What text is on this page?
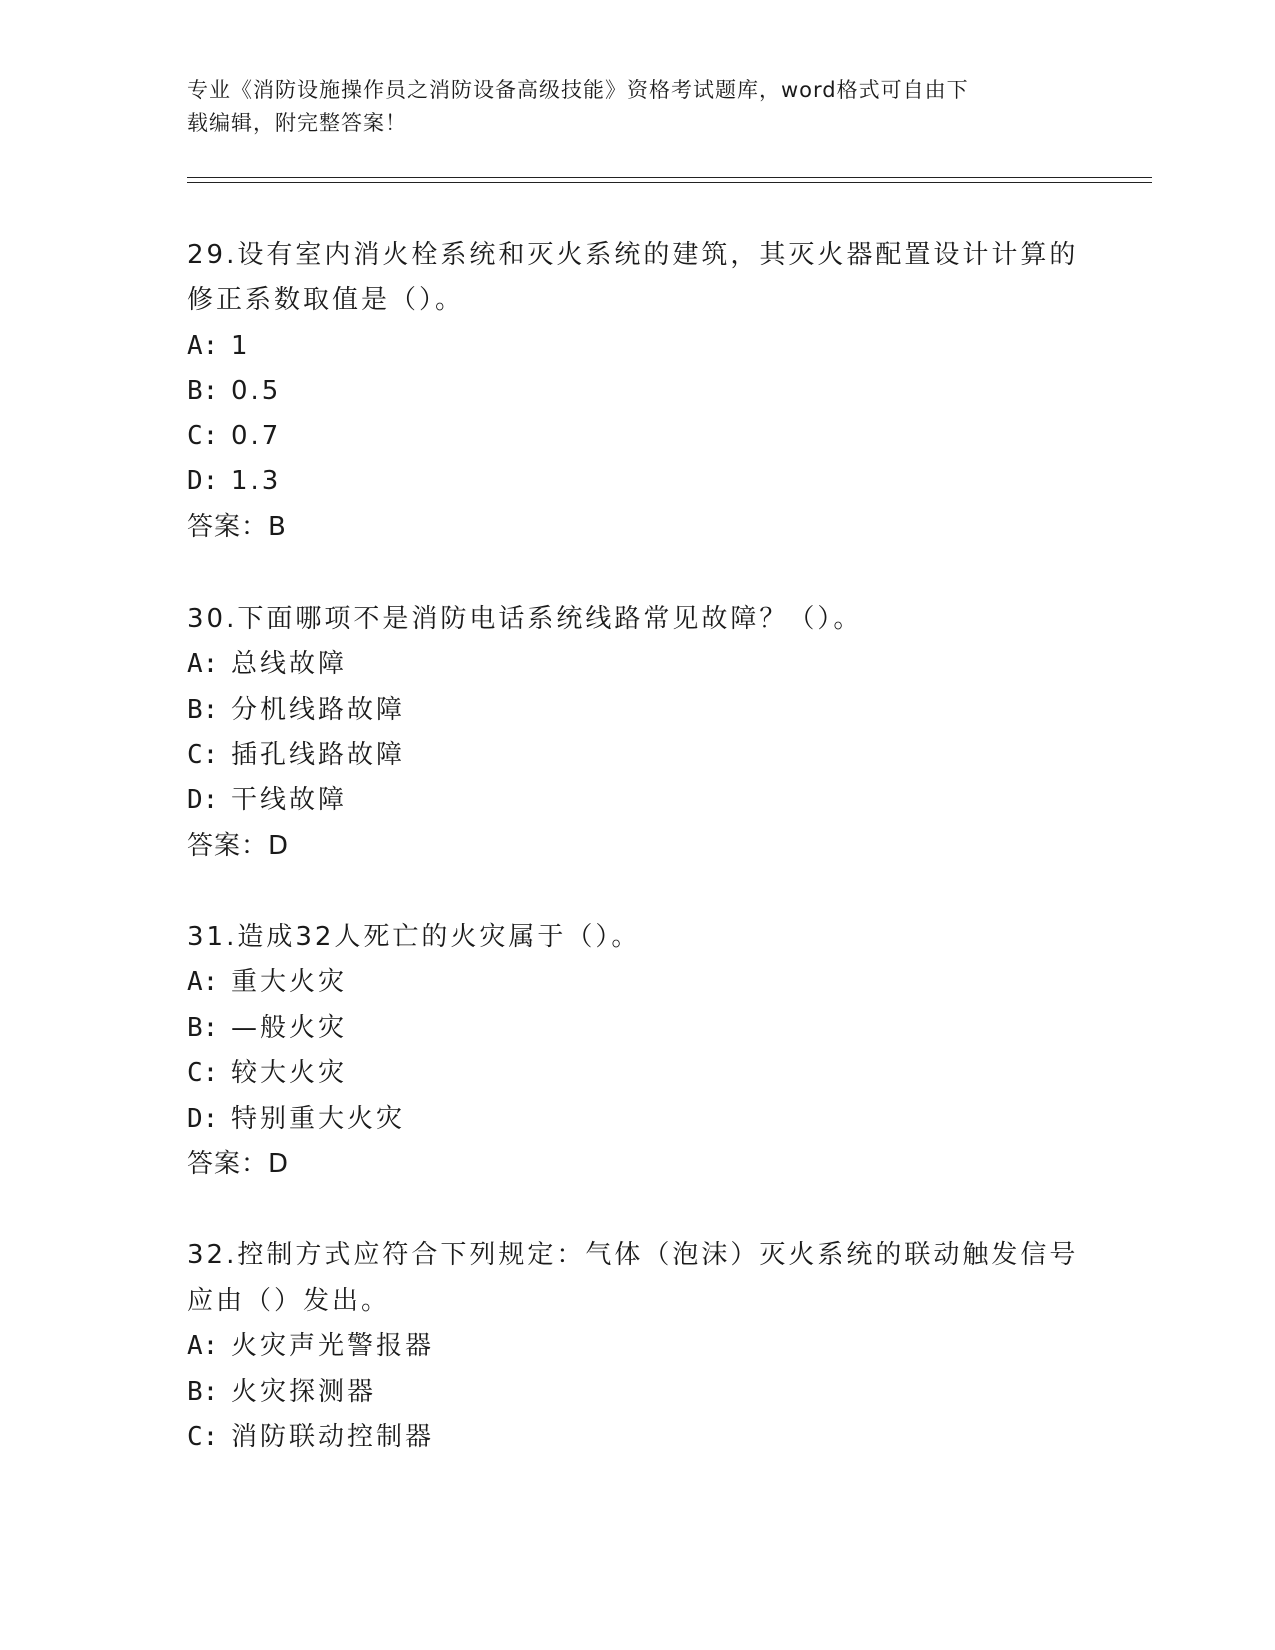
专业《消防设施操作员之消防设备高级技能》资格考试题库，word格式可自由下
载编辑，附完整答案！
29.设有室内消火栓系统和灭火系统的建筑，其灭火器配置设计计算的
修正系数取值是（）。
A: 1
B: 0.5
C: 0.7
D: 1.3
答案：B
30.下面哪项不是消防电话系统线路常见故障？（）。
A: 总线故障
B: 分机线路故障
C: 插孔线路故障
D: 干线故障
答案：D
31.造成32人死亡的火灾属于（）。
A: 重大火灾
B: —般火灾
C: 较大火灾
D: 特别重大火灾
答案：D
32.控制方式应符合下列规定：气体（泡沫）灭火系统的联动触发信号
应由（）发出。
A: 火灾声光警报器
B: 火灾探测器
C: 消防联动控制器
